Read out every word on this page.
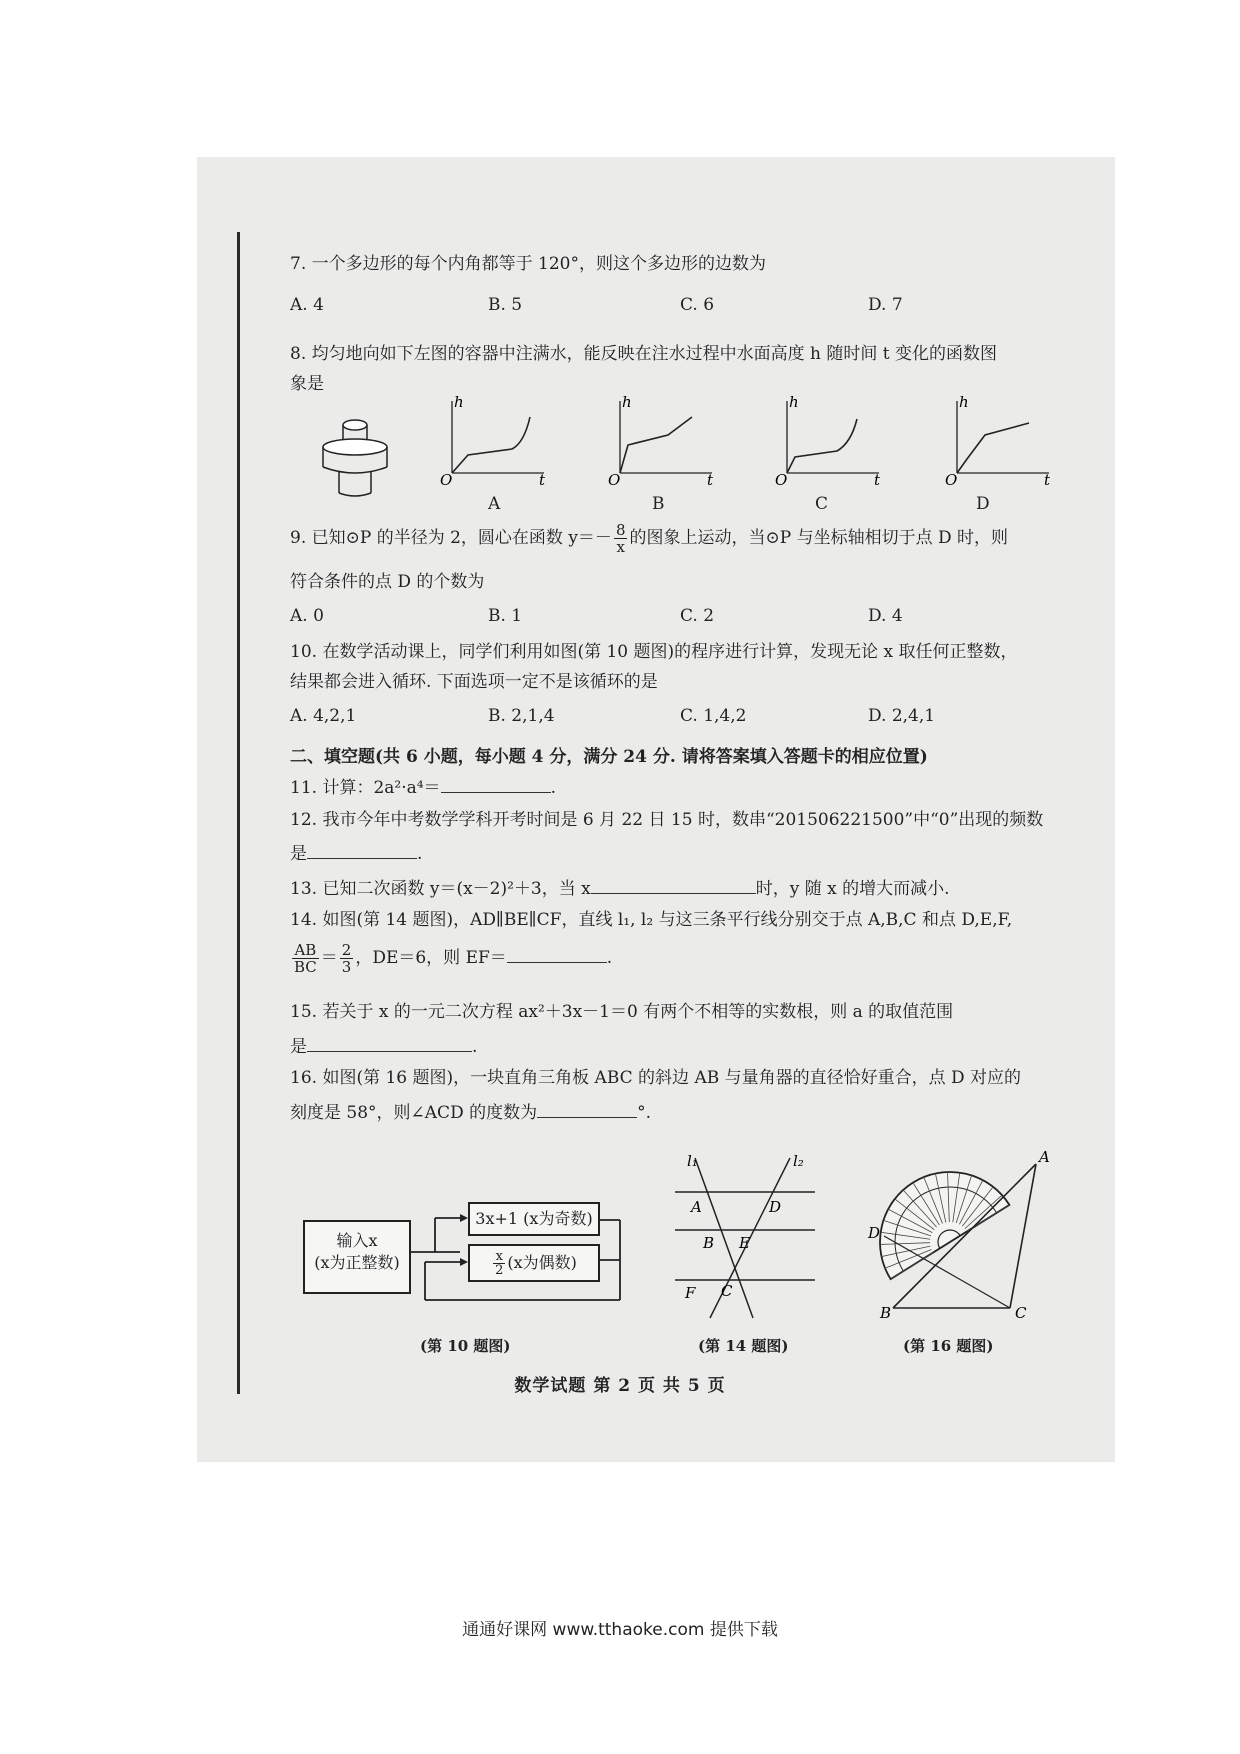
7. 一个多边形的每个内角都等于 120°，则这个多边形的边数为
A. 4	B. 5	C. 6	D. 7
8. 均匀地向如下左图的容器中注满水，能反映在注水过程中水面高度 h 随时间 t 变化的函数图
象是
h
O	t
A
h
O	t
B
h
O	t
C
h
O	t
D
9. 已知⊙P 的半径为 2，圆心在函数 $y=- \frac{8}{x}$ 的图象上运动，当⊙P 与坐标轴相切于点 D 时，则
符合条件的点 D 的个数为
A. 0	B. 1	C. 2	D. 4
10. 在数学活动课上，同学们利用如图(第 10 题图)的程序进行计算，发现无论 x 取任何正整数，
结果都会进入循环. 下面选项一定不是该循环的是
A. 4,2,1	B. 2,1,4	C. 1,4,2	D. 2,4,1
二、填空题(共 6 小题，每小题 4 分，满分 24 分. 请将答案填入答题卡的相应位置)
11. 计算：2a²·a⁴＝	.
12. 我市今年中考数学学科开考时间是 6 月 22 日 15 时，数串“201506221500”中“0”出现的频数
是	.
13. 已知二次函数 y＝(x－2)²＋3，当 x	时，y 随 x 的增大而减小.
14. 如图(第 14 题图)，AD∥BE∥CF，直线 l₁, l₂ 与这三条平行线分别交于点 A,B,C 和点 D,E,F,
$\frac{AB}{BC} = \frac{2}{3}$ ，DE＝6，则 EF＝	.
15. 若关于 x 的一元二次方程 ax²＋3x－1＝0 有两个不相等的实数根，则 a 的取值范围
是	.
16. 如图(第 16 题图)，一块直角三角板 ABC 的斜边 AB 与量角器的直径恰好重合，点 D 对应的
刻度是 58°，则∠ACD 的度数为	°.
输入x
(x为正整数)
3x+1 (x为奇数)
$\frac{x}{2} (x$为偶数)
(第 10 题图)
l₁	l₂
A	D
B E
F C
(第 14 题图)
A
B	C
D
(第 16 题图)
数学试题 第 2 页 共 5 页
通通好课网 www.tthaoke.com 提供下载
